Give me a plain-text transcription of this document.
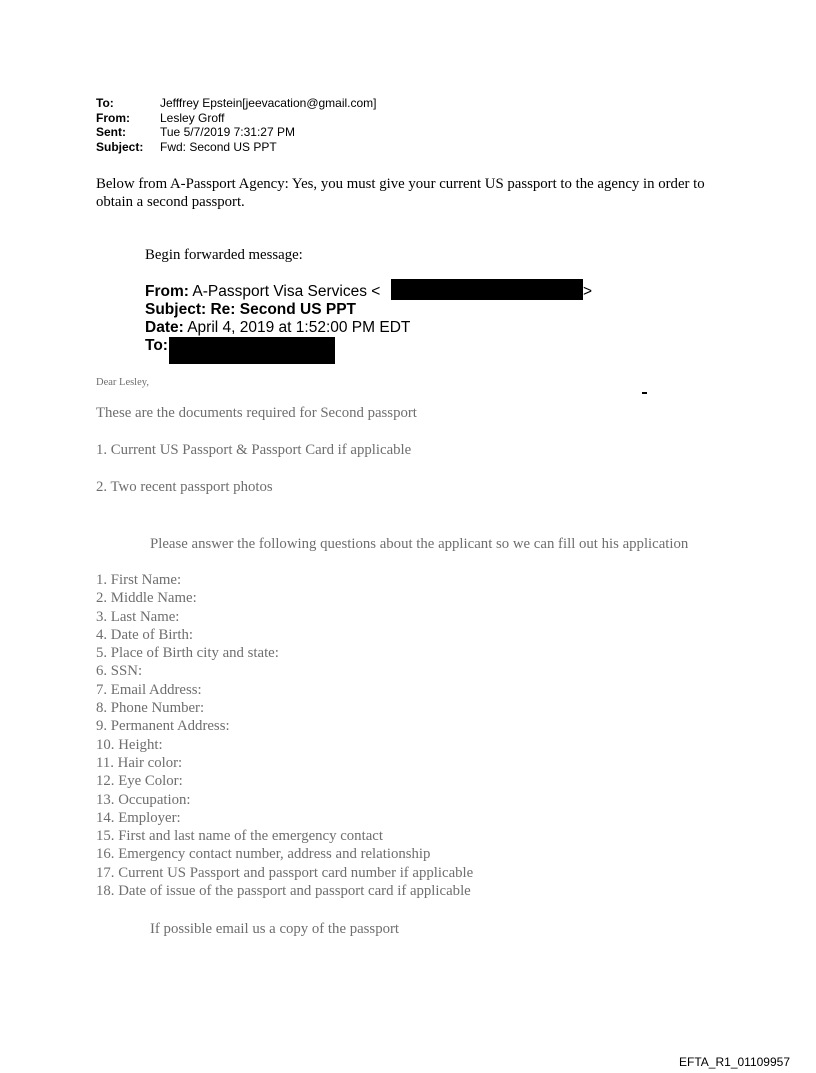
To:	Jefffrey Epstein[jeevacation@gmail.com]
From:	Lesley Groff
Sent:	Tue 5/7/2019 7:31:27 PM
Subject:	Fwd: Second US PPT
Below from A-Passport Agency: Yes, you must give your current US passport to the agency in order to obtain a second passport.
Begin forwarded message:
From: A-Passport Visa Services <	>
Subject: Re: Second US PPT
Date: April 4, 2019 at 1:52:00 PM EDT
To:
Dear Lesley,
These are the documents required for Second passport
1. Current US Passport & Passport Card if applicable
2. Two recent passport photos
Please answer the following questions about the applicant so we can fill out his application
1. First Name:
2. Middle Name:
3. Last Name:
4. Date of Birth:
5. Place of Birth city and state:
6. SSN:
7. Email Address:
8. Phone Number:
9. Permanent Address:
10. Height:
11. Hair color:
12. Eye Color:
13. Occupation:
14. Employer:
15. First and last name of the emergency contact
16. Emergency contact number, address and relationship
17. Current US Passport and passport card number if applicable
18. Date of issue of the passport and passport card if applicable
If possible email us a copy of the passport
EFTA_R1_01109957
